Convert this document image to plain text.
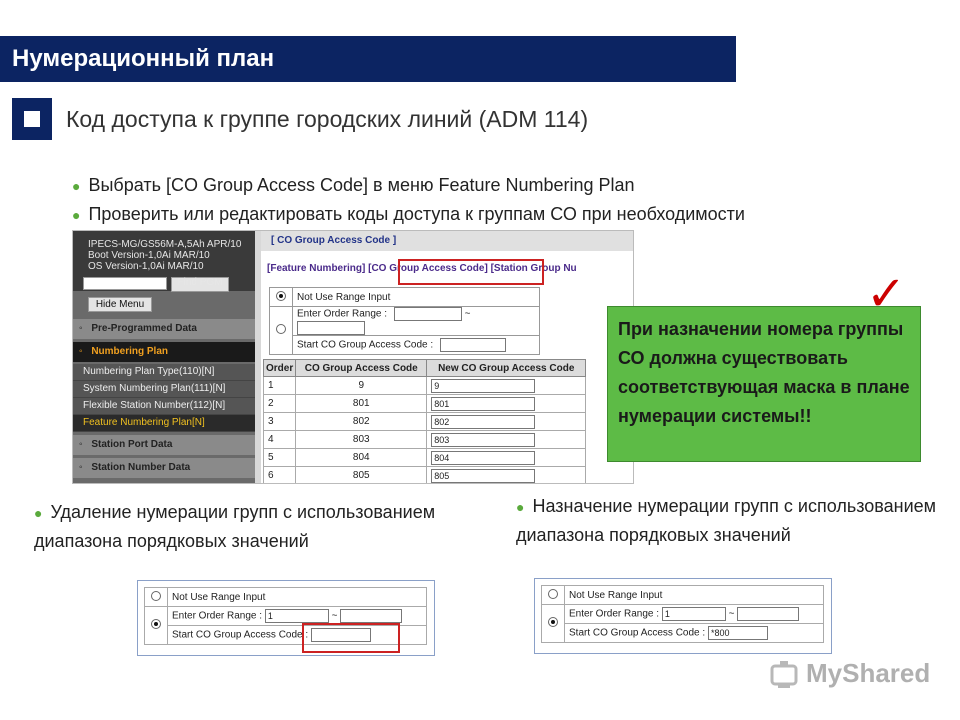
Нумерационный план
Код доступа к группе городских линий (ADM 114)
● Выбрать [CO Group Access Code] в меню Feature Numbering Plan
● Проверить или редактировать коды доступа к группам СО при необходимости
IPECS-MG/GS56M-A,5Ah APR/10
Boot Version-1,0Ai MAR/10
OS Version-1,0Ai MAR/10
Find PGM
Hide Menu
◦ Pre-Programmed Data
◦ Numbering Plan
Numbering Plan Type(110)[N]
System Numbering Plan(111)[N]
Flexible Station Number(112)[N]
Feature Numbering Plan[N]
◦ Station Port Data
◦ Station Number Data
[ CO Group Access Code ]
[Feature Numbering] [CO Group Access Code] [Station Group Nu
	Not Use Range Input
	Enter Order Range : ~
	Start CO Group Access Code :
Order	CO Group Access Code	New CO Group Access Code
1	9	9
2	801	801
3	802	802
4	803	803
5	804	804
6	805	805
При назначении номера группы СО должна существовать соответствующая маска в плане нумерации системы!!
✓
● Удаление нумерации групп с использованием диапазона порядковых значений
	Not Use Range Input
	Enter Order Range : 1 ~
	Start CO Group Access Code :
● Назначение нумерации групп с использованием диапазона порядковых значений
	Not Use Range Input
	Enter Order Range : 1 ~
	Start CO Group Access Code : *800
MyShared
